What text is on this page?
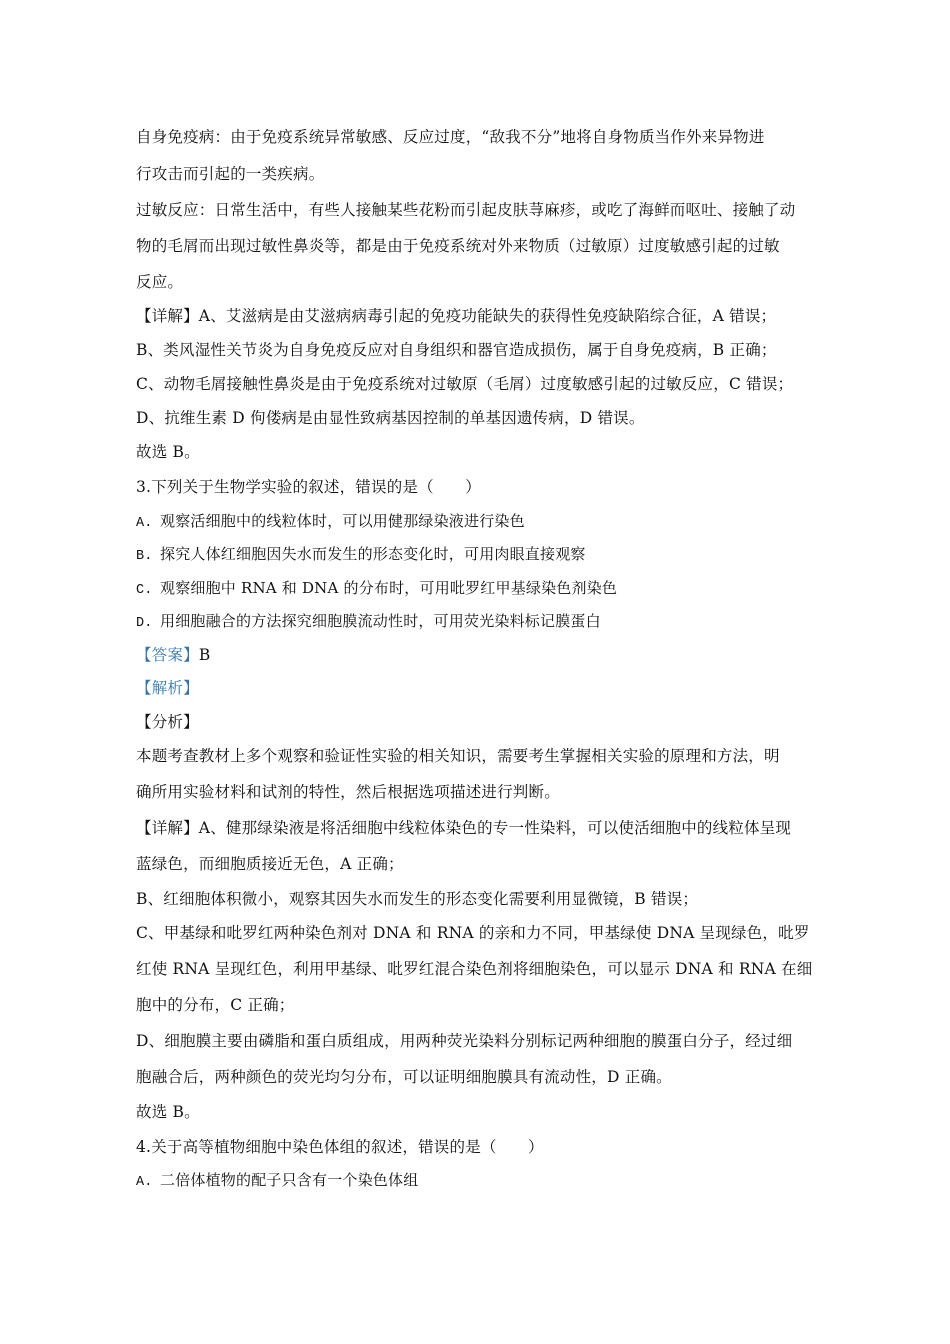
自身免疫病：由于免疫系统异常敏感、反应过度，“敌我不分”地将自身物质当作外来异物进
行攻击而引起的一类疾病。
过敏反应：日常生活中，有些人接触某些花粉而引起皮肤荨麻疹，或吃了海鲜而呕吐、接触了动
物的毛屑而出现过敏性鼻炎等，都是由于免疫系统对外来物质（过敏原）过度敏感引起的过敏
反应。
【详解】A、艾滋病是由艾滋病病毒引起的免疫功能缺失的获得性免疫缺陷综合征，A 错误；
B、类风湿性关节炎为自身免疫反应对自身组织和器官造成损伤，属于自身免疫病，B 正确；
C、动物毛屑接触性鼻炎是由于免疫系统对过敏原（毛屑）过度敏感引起的过敏反应，C 错误；
D、抗维生素 D 佝偻病是由显性致病基因控制的单基因遗传病，D 错误。
故选 B。
3.下列关于生物学实验的叙述，错误的是（　　）
A. 观察活细胞中的线粒体时，可以用健那绿染液进行染色
B. 探究人体红细胞因失水而发生的形态变化时，可用肉眼直接观察
C. 观察细胞中 RNA 和 DNA 的分布时，可用吡罗红甲基绿染色剂染色
D. 用细胞融合的方法探究细胞膜流动性时，可用荧光染料标记膜蛋白
【答案】B
【解析】
【分析】
本题考查教材上多个观察和验证性实验的相关知识，需要考生掌握相关实验的原理和方法，明
确所用实验材料和试剂的特性，然后根据选项描述进行判断。
【详解】A、健那绿染液是将活细胞中线粒体染色的专一性染料，可以使活细胞中的线粒体呈现
蓝绿色，而细胞质接近无色，A 正确；
B、红细胞体积微小，观察其因失水而发生的形态变化需要利用显微镜，B 错误；
C、甲基绿和吡罗红两种染色剂对 DNA 和 RNA 的亲和力不同，甲基绿使 DNA 呈现绿色，吡罗
红使 RNA 呈现红色，利用甲基绿、吡罗红混合染色剂将细胞染色，可以显示 DNA 和 RNA 在细
胞中的分布，C 正确；
D、细胞膜主要由磷脂和蛋白质组成，用两种荧光染料分别标记两种细胞的膜蛋白分子，经过细
胞融合后，两种颜色的荧光均匀分布，可以证明细胞膜具有流动性，D 正确。
故选 B。
4.关于高等植物细胞中染色体组的叙述，错误的是（　　）
A. 二倍体植物的配子只含有一个染色体组
